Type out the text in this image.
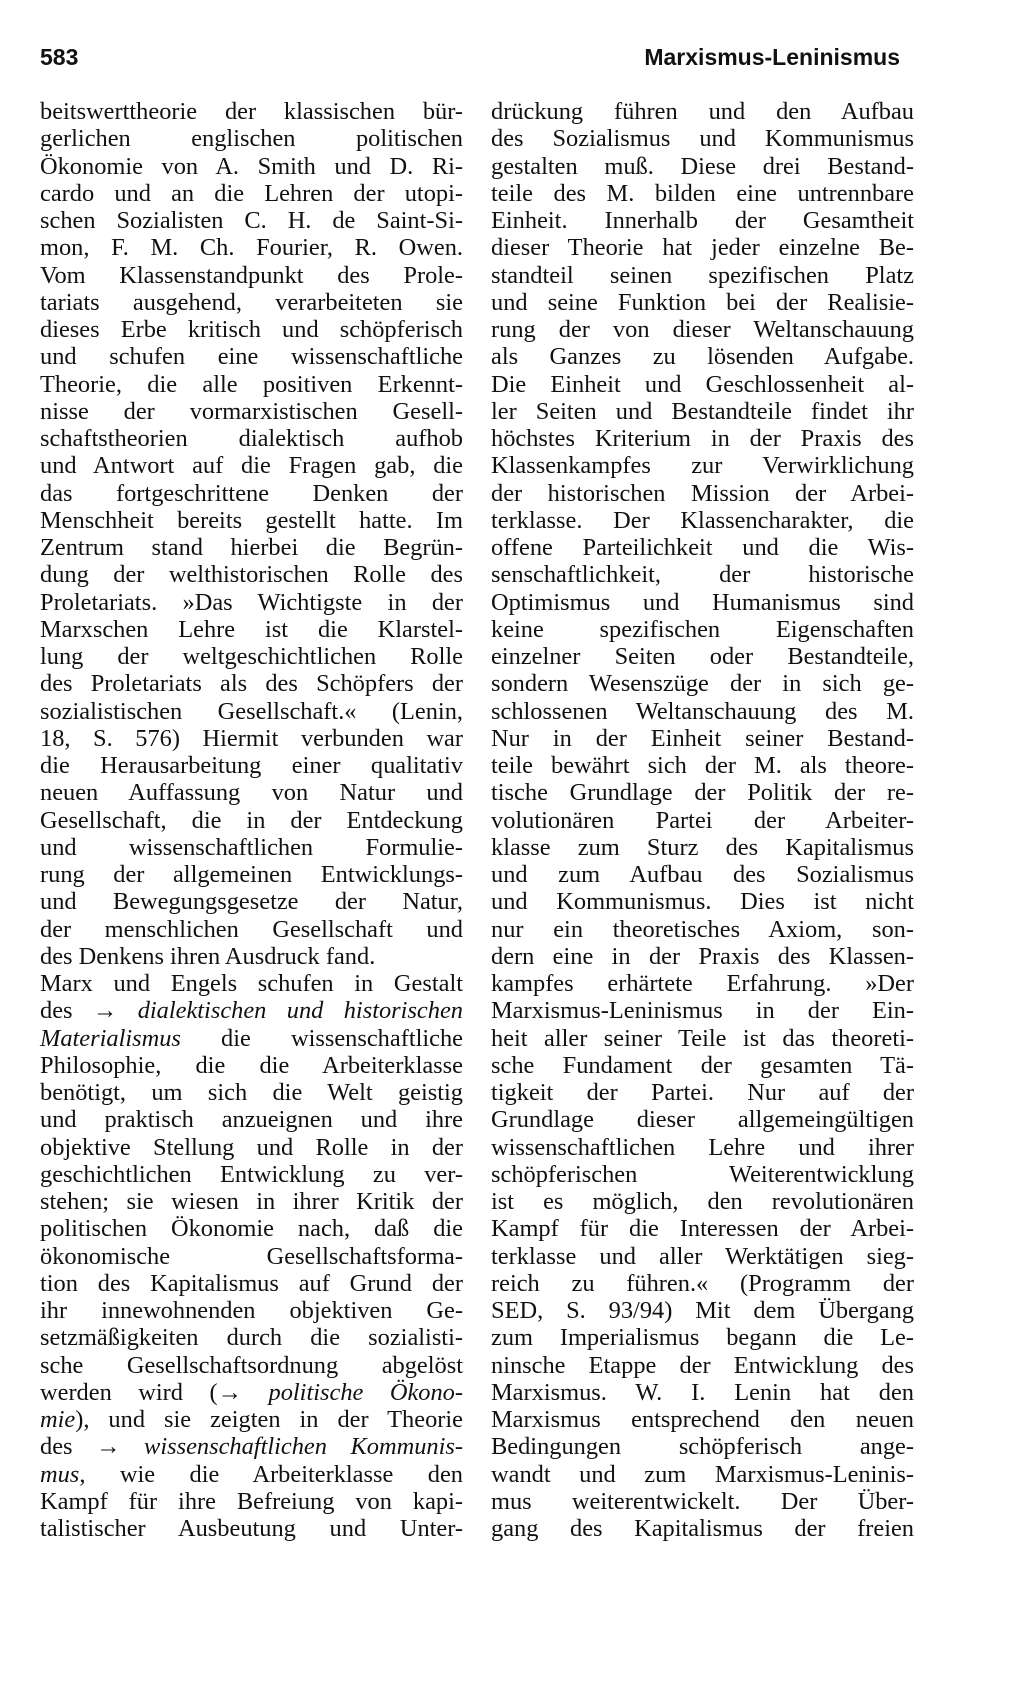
583	Marxismus-Leninismus
beitswerttheorie der klassischen bür-
gerlichen englischen politischen
Ökonomie von A. Smith und D. Ri-
cardo und an die Lehren der utopi-
schen Sozialisten C. H. de Saint-Si-
mon, F. M. Ch. Fourier, R. Owen.
Vom Klassenstandpunkt des Prole-
tariats ausgehend, verarbeiteten sie
dieses Erbe kritisch und schöpferisch
und schufen eine wissenschaftliche
Theorie, die alle positiven Erkennt-
nisse der vormarxistischen Gesell-
schaftstheorien dialektisch aufhob
und Antwort auf die Fragen gab, die
das fortgeschrittene Denken der
Menschheit bereits gestellt hatte. Im
Zentrum stand hierbei die Begrün-
dung der welthistorischen Rolle des
Proletariats. »Das Wichtigste in der
Marxschen Lehre ist die Klarstel-
lung der weltgeschichtlichen Rolle
des Proletariats als des Schöpfers der
sozialistischen Gesellschaft.« (Lenin,
18, S. 576) Hiermit verbunden war
die Herausarbeitung einer qualitativ
neuen Auffassung von Natur und
Gesellschaft, die in der Entdeckung
und wissenschaftlichen Formulie-
rung der allgemeinen Entwicklungs-
und Bewegungsgesetze der Natur,
der menschlichen Gesellschaft und
des Denkens ihren Ausdruck fand.
Marx und Engels schufen in Gestalt
des → dialektischen und historischen
Materialismus die wissenschaftliche
Philosophie, die die Arbeiterklasse
benötigt, um sich die Welt geistig
und praktisch anzueignen und ihre
objektive Stellung und Rolle in der
geschichtlichen Entwicklung zu ver-
stehen; sie wiesen in ihrer Kritik der
politischen Ökonomie nach, daß die
ökonomische Gesellschaftsforma-
tion des Kapitalismus auf Grund der
ihr innewohnenden objektiven Ge-
setzmäßigkeiten durch die sozialisti-
sche Gesellschaftsordnung abgelöst
werden wird (→ politische Ökono-
mie), und sie zeigten in der Theorie
des → wissenschaftlichen Kommunis-
mus, wie die Arbeiterklasse den
Kampf für ihre Befreiung von kapi-
talistischer Ausbeutung und Unter-
drückung führen und den Aufbau
des Sozialismus und Kommunismus
gestalten muß. Diese drei Bestand-
teile des M. bilden eine untrennbare
Einheit. Innerhalb der Gesamtheit
dieser Theorie hat jeder einzelne Be-
standteil seinen spezifischen Platz
und seine Funktion bei der Realisie-
rung der von dieser Weltanschauung
als Ganzes zu lösenden Aufgabe.
Die Einheit und Geschlossenheit al-
ler Seiten und Bestandteile findet ihr
höchstes Kriterium in der Praxis des
Klassenkampfes zur Verwirklichung
der historischen Mission der Arbei-
terklasse. Der Klassencharakter, die
offene Parteilichkeit und die Wis-
senschaftlichkeit, der historische
Optimismus und Humanismus sind
keine spezifischen Eigenschaften
einzelner Seiten oder Bestandteile,
sondern Wesenszüge der in sich ge-
schlossenen Weltanschauung des M.
Nur in der Einheit seiner Bestand-
teile bewährt sich der M. als theore-
tische Grundlage der Politik der re-
volutionären Partei der Arbeiter-
klasse zum Sturz des Kapitalismus
und zum Aufbau des Sozialismus
und Kommunismus. Dies ist nicht
nur ein theoretisches Axiom, son-
dern eine in der Praxis des Klassen-
kampfes erhärtete Erfahrung. »Der
Marxismus-Leninismus in der Ein-
heit aller seiner Teile ist das theoreti-
sche Fundament der gesamten Tä-
tigkeit der Partei. Nur auf der
Grundlage dieser allgemeingültigen
wissenschaftlichen Lehre und ihrer
schöpferischen Weiterentwicklung
ist es möglich, den revolutionären
Kampf für die Interessen der Arbei-
terklasse und aller Werktätigen sieg-
reich zu führen.« (Programm der
SED, S. 93/94) Mit dem Übergang
zum Imperialismus begann die Le-
ninsche Etappe der Entwicklung des
Marxismus. W. I. Lenin hat den
Marxismus entsprechend den neuen
Bedingungen schöpferisch ange-
wandt und zum Marxismus-Leninis-
mus weiterentwickelt. Der Über-
gang des Kapitalismus der freien
